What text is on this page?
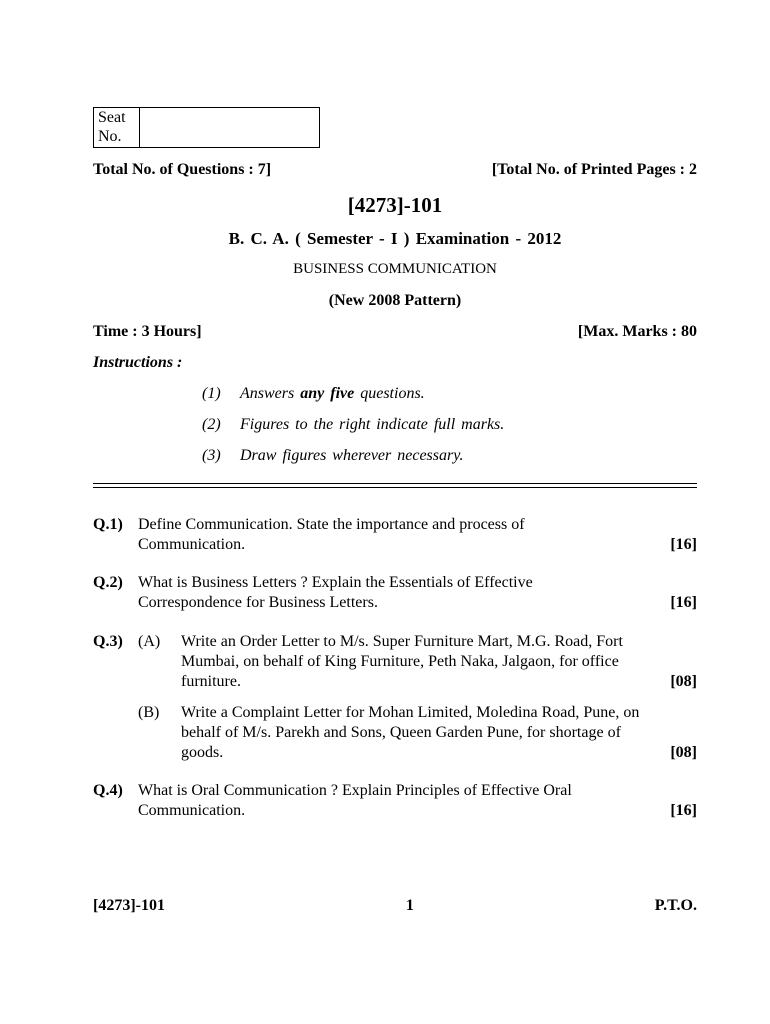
Seat
No.
Total No. of Questions : 7]	[Total No. of Printed Pages : 2
[4273]-101
B. C. A. ( Semester - I ) Examination - 2012
BUSINESS COMMUNICATION
(New 2008 Pattern)
Time : 3 Hours]	[Max. Marks : 80
Instructions :
(1) Answers any five questions.
(2) Figures to the right indicate full marks.
(3) Draw figures wherever necessary.
Q.1) Define Communication. State the importance and process of Communication.	[16]
Q.2) What is Business Letters ? Explain the Essentials of Effective Correspondence for Business Letters.	[16]
Q.3) (A) Write an Order Letter to M/s. Super Furniture Mart, M.G. Road, Fort Mumbai, on behalf of King Furniture, Peth Naka, Jalgaon, for office furniture.	[08]
(B) Write a Complaint Letter for Mohan Limited, Moledina Road, Pune, on behalf of M/s. Parekh and Sons, Queen Garden Pune, for shortage of goods.	[08]
Q.4) What is Oral Communication ? Explain Principles of Effective Oral Communication.	[16]
[4273]-101	1	P.T.O.
